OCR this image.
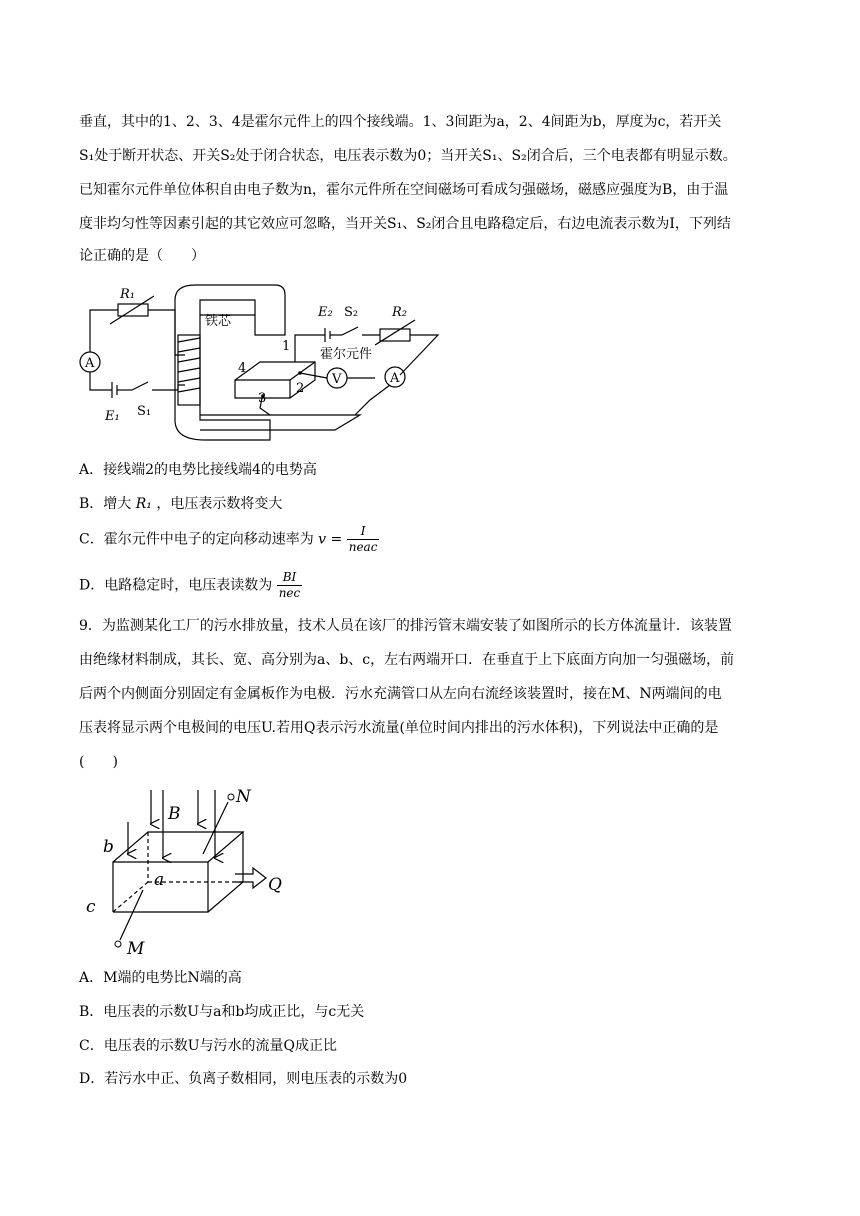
垂直，其中的1、2、3、4是霍尔元件上的四个接线端。1、3间距为a，2、4间距为b，厚度为c，若开关
S₁处于断开状态、开关S₂处于闭合状态，电压表示数为0；当开关S₁、S₂闭合后，三个电表都有明显示数。
已知霍尔元件单位体积自由电子数为n，霍尔元件所在空间磁场可看成匀强磁场，磁感应强度为B，由于温
度非均匀性等因素引起的其它效应可忽略，当开关S₁、S₂闭合且电路稳定后，右边电流表示数为I，下列结
论正确的是（　　）
R₁
铁芯
E₂ S₂	R₂
霍尔元件
A
A
V
1
2
3
4
E₁ S₁
A．接线端2的电势比接线端4的电势高
B．增大 R₁ ，电压表示数将变大
C．霍尔元件中电子的定向移动速率为 $v = \frac{I}{\text{neac}}$
D．电路稳定时，电压表读数为 $\frac{BI}{\text{nec}}$
9．为监测某化工厂的污水排放量，技术人员在该厂的排污管末端安装了如图所示的长方体流量计．该装置
由绝缘材料制成，其长、宽、高分别为a、b、c，左右两端开口．在垂直于上下底面方向加一匀强磁场，前
后两个内侧面分别固定有金属板作为电极．污水充满管口从左向右流经该装置时，接在M、N两端间的电
压表将显示两个电极间的电压U.若用Q表示污水流量(单位时间内排出的污水体积)，下列说法中正确的是
(　　)
B
N
b
a	Q
c
M
A．M端的电势比N端的高
B．电压表的示数U与a和b均成正比，与c无关
C．电压表的示数U与污水的流量Q成正比
D．若污水中正、负离子数相同，则电压表的示数为0
